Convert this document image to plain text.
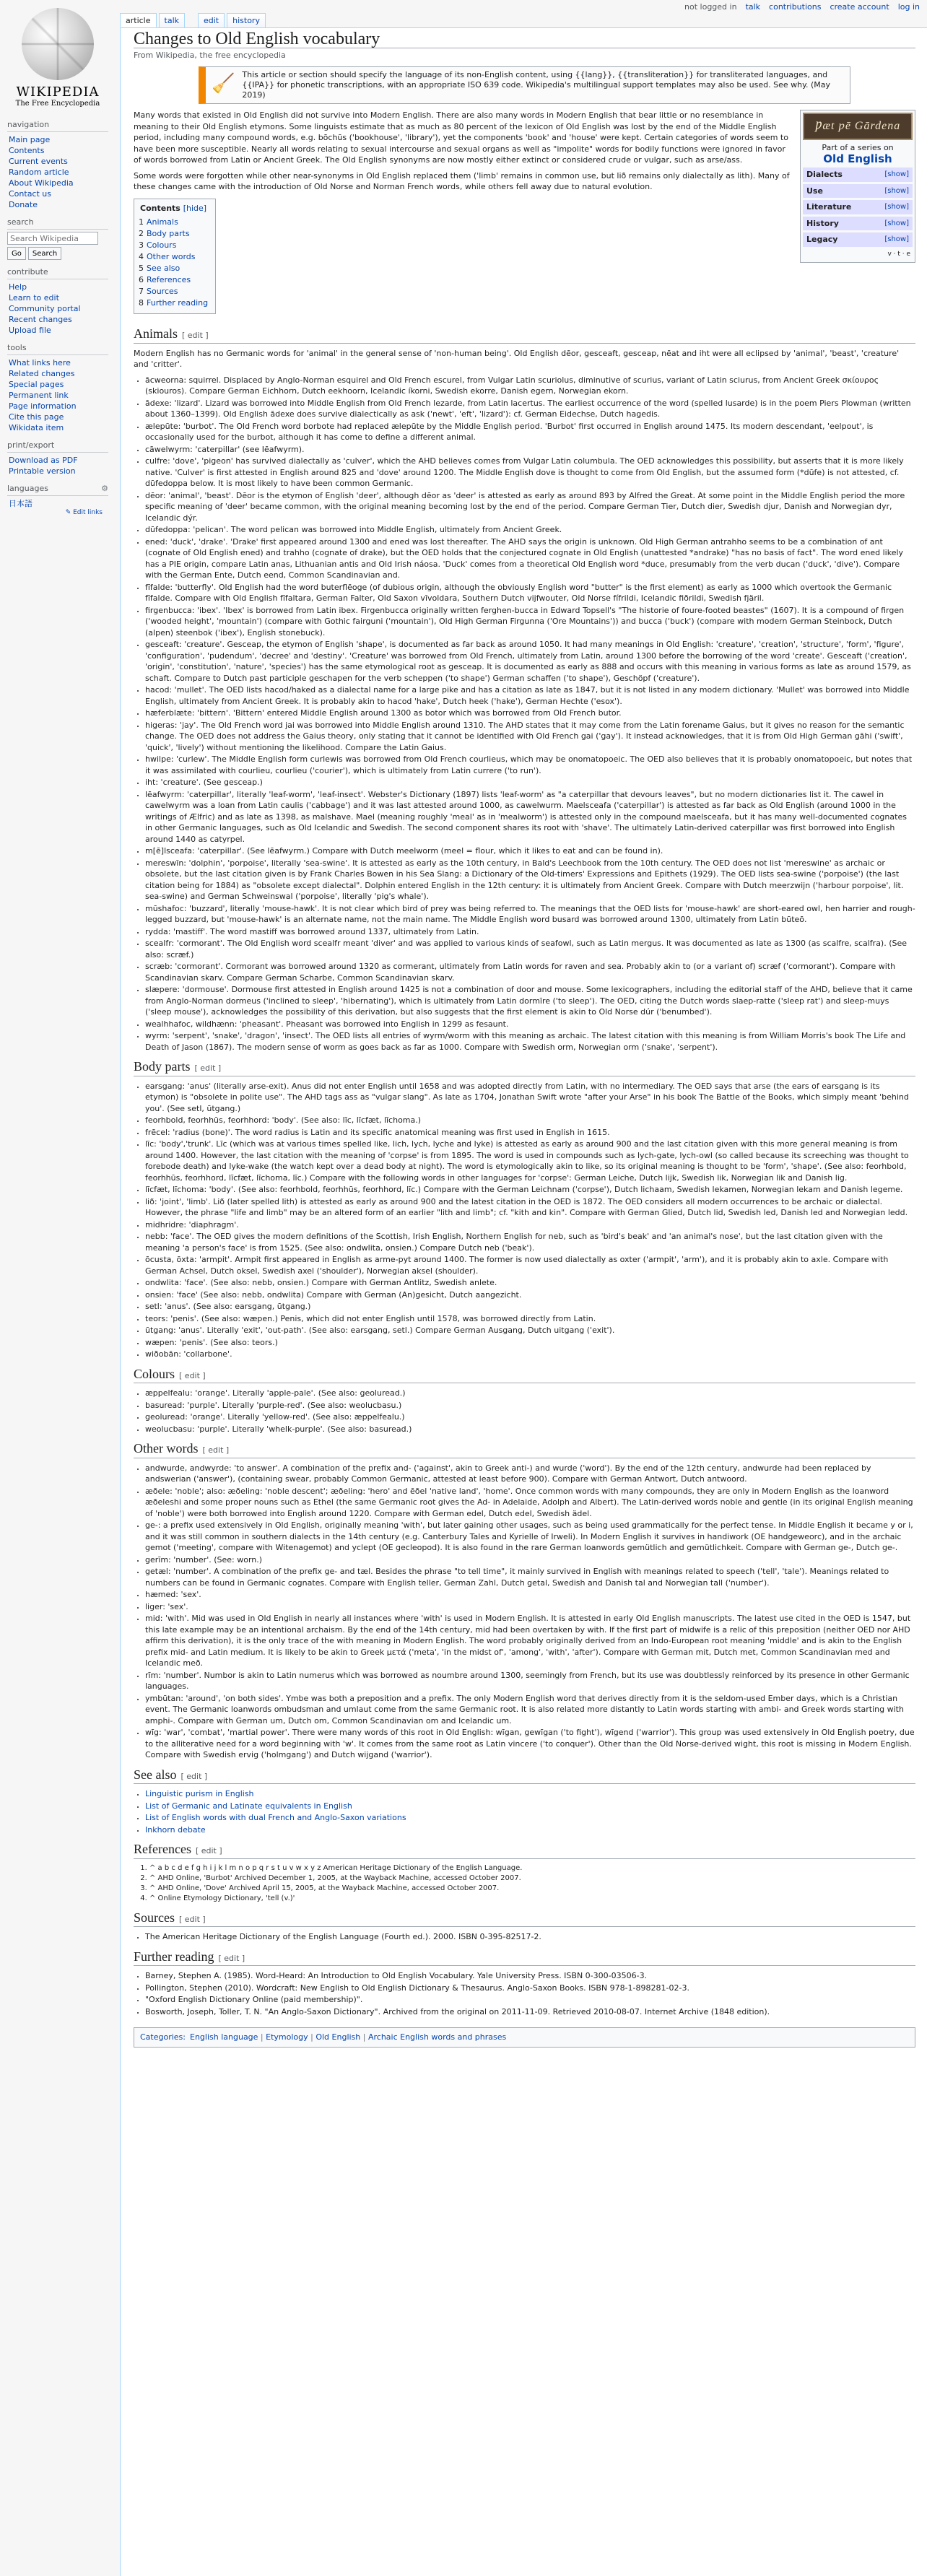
not logged in talk contributions create account log in
WIKIPEDIA
The Free Encyclopedia
navigation
Main page
Contents
Current events
Random article
About Wikipedia
Contact us
Donate
search
Search Wikipedia
Go	Search
contribute
Help
Learn to edit
Community portal
Recent changes
Upload file
tools
What links here
Related changes
Special pages
Permanent link
Page information
Cite this page
Wikidata item
print/export
Download as PDF
Printable version
languages	⚙
日本語
✎ Edit links
article	talk	edit	history
Changes to Old English vocabulary
From Wikipedia, the free encyclopedia
🧹 This article or section should specify the language of its non-English content, using {{lang}}, {{transliteration}} for transliterated languages, and {{IPA}} for phonetic transcriptions, with an appropriate ISO 639 code. Wikipedia's multilingual support templates may also be used. See why. (May 2019)
Ƿæt ƿē Gārdena
Part of a series on
Old English
Dialects	[show]
Use	[show]
Literature	[show]
History	[show]
Legacy	[show]
v · t · e

Many words that existed in Old English did not survive into Modern English. There are also many words in Modern English that bear little or no resemblance in meaning to their Old English etymons. Some linguists estimate that as much as 80 percent of the lexicon of Old English was lost by the end of the Middle English period, including many compound words, e.g. bōchūs ('bookhouse', 'library'), yet the components 'book' and 'house' were kept. Certain categories of words seem to have been more susceptible. Nearly all words relating to sexual intercourse and sexual organs as well as "impolite" words for bodily functions were ignored in favor of words borrowed from Latin or Ancient Greek. The Old English synonyms are now mostly either extinct or considered crude or vulgar, such as arse/ass.

Some words were forgotten while other near-synonyms in Old English replaced them ('limb' remains in common use, but lið remains only dialectally as lith). Many of these changes came with the introduction of Old Norse and Norman French words, while others fell away due to natural evolution.

Contents [hide]
1 Animals
2 Body parts
3 Colours
4 Other words
5 See also
6 References
7 Sources
8 Further reading
Animals [ edit ]

Modern English has no Germanic words for 'animal' in the general sense of 'non-human being'. Old English dēor, gesceaft, gesceap, nēat and iht were all eclipsed by 'animal', 'beast', 'creature' and 'critter'.

• ācweorna: squirrel. Displaced by Anglo-Norman esquirel and Old French escurel, from Vulgar Latin scuriolus, diminutive of scurius, variant of Latin sciurus, from Ancient Greek σκίουρος (skiouros). Compare German Eichhorn, Dutch eekhoorn, Icelandic íkorni, Swedish ekorre, Danish egern, Norwegian ekorn.
• ādexe: 'lizard'. Lizard was borrowed into Middle English from Old French lezarde, from Latin lacertus. The earliest occurrence of the word (spelled lusarde) is in the poem Piers Plowman (written about 1360–1399). Old English ādexe does survive dialectically as ask ('newt', 'eft', 'lizard'): cf. German Eidechse, Dutch hagedis.
• ælepūte: 'burbot'. The Old French word borbote had replaced ælepūte by the Middle English period. 'Burbot' first occurred in English around 1475. Its modern descendant, 'eelpout', is occasionally used for the burbot, although it has come to define a different animal.
• cāwelwyrm: 'caterpillar' (see Iēafwyrm).
• culfre: 'dove', 'pigeon' has survived dialectally as 'culver', which the AHD believes comes from Vulgar Latin columbula. The OED acknowledges this possibility, but asserts that it is more likely native. 'Culver' is first attested in English around 825 and 'dove' around 1200. The Middle English dove is thought to come from Old English, but the assumed form (*dūfe) is not attested, cf. dūfedoppa below. It is most likely to have been common Germanic.
• dēor: 'animal', 'beast'. Dēor is the etymon of English 'deer', although dēor as 'deer' is attested as early as around 893 by Alfred the Great. At some point in the Middle English period the more specific meaning of 'deer' became common, with the original meaning becoming lost by the end of the period. Compare German Tier, Dutch dier, Swedish djur, Danish and Norwegian dyr, Icelandic dýr.
• dūfedoppa: 'pelican'. The word pelican was borrowed into Middle English, ultimately from Ancient Greek.
• ened: 'duck', 'drake'. 'Drake' first appeared around 1300 and ened was lost thereafter. The AHD says the origin is unknown. Old High German antrahho seems to be a combination of ant (cognate of Old English ened) and trahho (cognate of drake), but the OED holds that the conjectured cognate in Old English (unattested *andrake) "has no basis of fact". The word ened likely has a PIE origin, compare Latin anas, Lithuanian antis and Old Irish náosa. 'Duck' comes from a theoretical Old English word *duce, presumably from the verb ducan ('duck', 'dive'). Compare with the German Ente, Dutch eend, Common Scandinavian and.
• fīfalde: 'butterfly'. Old English had the word buterflēoge (of dubious origin, although the obviously English word "butter" is the first element) as early as 1000 which overtook the Germanic fīfalde. Compare with Old English fīfaltara, German Falter, Old Saxon vīvoldara, Southern Dutch vijfwouter, Old Norse fífrildi, Icelandic fiðrildi, Swedish fjäril.
• firgenbucca: 'ibex'. 'Ibex' is borrowed from Latin ibex. Firgenbucca originally written ferghen-bucca in Edward Topsell's "The historie of foure-footed beastes" (1607). It is a compound of firgen ('wooded height', 'mountain') (compare with Gothic fairguni ('mountain'), Old High German Firgunna ('Ore Mountains')) and bucca ('buck') (compare with modern German Steinbock, Dutch (alpen) steenbok ('ibex'), English stonebuck).
• gesceaft: 'creature'. Gesceap, the etymon of English 'shape', is documented as far back as around 1050. It had many meanings in Old English: 'creature', 'creation', 'structure', 'form', 'figure', 'configuration', 'pudendum', 'decree' and 'destiny'. 'Creature' was borrowed from Old French, ultimately from Latin, around 1300 before the borrowing of the word 'create'. Gesceaft ('creation', 'origin', 'constitution', 'nature', 'species') has the same etymological root as gesceap. It is documented as early as 888 and occurs with this meaning in various forms as late as around 1579, as schaft. Compare to Dutch past participle geschapen for the verb scheppen ('to shape') German schaffen ('to shape'), Geschöpf ('creature').
• hacod: 'mullet'. The OED lists hacod/haked as a dialectal name for a large pike and has a citation as late as 1847, but it is not listed in any modern dictionary. 'Mullet' was borrowed into Middle English, ultimately from Ancient Greek. It is probably akin to hacod 'hake', Dutch heek ('hake'), German Hechte ('esox').
• hæferblæte: 'bittern'. 'Bittern' entered Middle English around 1300 as botor which was borrowed from Old French butor.
• higeras: 'jay'. The Old French word jai was borrowed into Middle English around 1310. The AHD states that it may come from the Latin forename Gaius, but it gives no reason for the semantic change. The OED does not address the Gaius theory, only stating that it cannot be identified with Old French gai ('gay'). It instead acknowledges, that it is from Old High German gāhi ('swift', 'quick', 'lively') without mentioning the likelihood. Compare the Latin Gaius.
• hwilpe: 'curlew'. The Middle English form curlewis was borrowed from Old French courlieus, which may be onomatopoeic. The OED also believes that it is probably onomatopoeic, but notes that it was assimilated with courlieu, courlieu ('courier'), which is ultimately from Latin currere ('to run').
• iht: 'creature'. (See gesceap.)
• lēafwyrm: 'caterpillar', literally 'leaf-worm', 'leaf-insect'. Webster's Dictionary (1897) lists 'leaf-worm' as "a caterpillar that devours leaves", but no modern dictionaries list it. The cawel in cawelwyrm was a loan from Latin caulis ('cabbage') and it was last attested around 1000, as cawelwurm. Maelsceafa ('caterpillar') is attested as far back as Old English (around 1000 in the writings of Ælfric) and as late as 1398, as malshave. Mael (meaning roughly 'meal' as in 'mealworm') is attested only in the compound maelsceafa, but it has many well-documented cognates in other Germanic languages, such as Old Icelandic and Swedish. The second component shares its root with 'shave'. The ultimately Latin-derived caterpillar was first borrowed into English around 1440 as catyrpel.
• m[ē]lsceafa: 'caterpillar'. (See lēafwyrm.) Compare with Dutch meelworm (meel = flour, which it likes to eat and can be found in).
• mereswīn: 'dolphin', 'porpoise', literally 'sea-swine'. It is attested as early as the 10th century, in Bald's Leechbook from the 10th century. The OED does not list 'mereswine' as archaic or obsolete, but the last citation given is by Frank Charles Bowen in his Sea Slang: a Dictionary of the Old-timers' Expressions and Epithets (1929). The OED lists sea-swine ('porpoise') (the last citation being for 1884) as "obsolete except dialectal". Dolphin entered English in the 12th century: it is ultimately from Ancient Greek. Compare with Dutch meerzwijn ('harbour porpoise', lit. sea-swine) and German Schweinswal ('porpoise', literally 'pig's whale').
• mūshafoc: 'buzzard', literally 'mouse-hawk'. It is not clear which bird of prey was being referred to. The meanings that the OED lists for 'mouse-hawk' are short-eared owl, hen harrier and rough-legged buzzard, but 'mouse-hawk' is an alternate name, not the main name. The Middle English word busard was borrowed around 1300, ultimately from Latin būteō.
• rydda: 'mastiff'. The word mastiff was borrowed around 1337, ultimately from Latin.
• scealfr: 'cormorant'. The Old English word scealfr meant 'diver' and was applied to various kinds of seafowl, such as Latin mergus. It was documented as late as 1300 (as scalfre, scalfra). (See also: scræf.)
• scræb: 'cormorant'. Cormorant was borrowed around 1320 as cormerant, ultimately from Latin words for raven and sea. Probably akin to (or a variant of) scræf ('cormorant'). Compare with Scandinavian skarv. Compare German Scharbe, Common Scandinavian skarv.
• slæpere: 'dormouse'. Dormouse first attested in English around 1425 is not a combination of door and mouse. Some lexicographers, including the editorial staff of the AHD, believe that it came from Anglo-Norman dormeus ('inclined to sleep', 'hibernating'), which is ultimately from Latin dormīre ('to sleep'). The OED, citing the Dutch words slaep-ratte ('sleep rat') and sleep-muys ('sleep mouse'), acknowledges the possibility of this derivation, but also suggests that the first element is akin to Old Norse dúr ('benumbed').
• wealhhafoc, wildhænn: 'pheasant'. Pheasant was borrowed into English in 1299 as fesaunt.
• wyrm: 'serpent', 'snake', 'dragon', 'insect'. The OED lists all entries of wyrm/worm with this meaning as archaic. The latest citation with this meaning is from William Morris's book The Life and Death of Jason (1867). The modern sense of worm as goes back as far as 1000. Compare with Swedish orm, Norwegian orm ('snake', 'serpent').
Body parts [ edit ]
• earsgang: 'anus' (literally arse-exit). Anus did not enter English until 1658 and was adopted directly from Latin, with no intermediary. The OED says that arse (the ears of earsgang is its etymon) is "obsolete in polite use". The AHD tags ass as "vulgar slang". As late as 1704, Jonathan Swift wrote "after your Arse" in his book The Battle of the Books, which simply meant 'behind you'. (See setl, ūtgang.)
• feorhbold, feorhhūs, feorhhord: 'body'. (See also: līc, līcfæt, līchoma.)
• frēcel: 'radius (bone)'. The word radius is Latin and its specific anatomical meaning was first used in English in 1615.
• līc: 'body','trunk'. Līc (which was at various times spelled like, lich, lych, lyche and lyke) is attested as early as around 900 and the last citation given with this more general meaning is from around 1400. However, the last citation with the meaning of 'corpse' is from 1895. The word is used in compounds such as lych-gate, lych-owl (so called because its screeching was thought to forebode death) and lyke-wake (the watch kept over a dead body at night). The word is etymologically akin to like, so its original meaning is thought to be 'form', 'shape'. (See also: feorhbold, feorhhūs, feorhhord, līcfæt, līchoma, līc.) Compare with the following words in other languages for 'corpse': German Leiche, Dutch lijk, Swedish lik, Norwegian lik and Danish lig.
• līcfæt, līchoma: 'body'. (See also: feorhbold, feorhhūs, feorhhord, līc.) Compare with the German Leichnam ('corpse'), Dutch lichaam, Swedish lekamen, Norwegian lekam and Danish legeme.
• lið: 'joint', 'limb'. Lið (later spelled lith) is attested as early as around 900 and the latest citation in the OED is 1872. The OED considers all modern occurrences to be archaic or dialectal. However, the phrase "life and limb" may be an altered form of an earlier "lith and limb"; cf. "kith and kin". Compare with German Glied, Dutch lid, Swedish led, Danish led and Norwegian ledd.
• midhridre: 'diaphragm'.
• nebb: 'face'. The OED gives the modern definitions of the Scottish, Irish English, Northern English for neb, such as 'bird's beak' and 'an animal's nose', but the last citation given with the meaning 'a person's face' is from 1525. (See also: ondwlita, onsien.) Compare Dutch neb ('beak').
• ōcusta, ōxta: 'armpit'. Armpit first appeared in English as arme-pyt around 1400. The former is now used dialectally as oxter ('armpit', 'arm'), and it is probably akin to axle. Compare with German Achsel, Dutch oksel, Swedish axel ('shoulder'), Norwegian aksel (shoulder).
• ondwlita: 'face'. (See also: nebb, onsien.) Compare with German Antlitz, Swedish anlete.
• onsien: 'face' (See also: nebb, ondwlita) Compare with German (An)gesicht, Dutch aangezicht.
• setl: 'anus'. (See also: earsgang, ūtgang.)
• teors: 'penis'. (See also: wæpen.) Penis, which did not enter English until 1578, was borrowed directly from Latin.
• ūtgang: 'anus'. Literally 'exit', 'out-path'. (See also: earsgang, setl.) Compare German Ausgang, Dutch uitgang ('exit').
• wæpen: 'penis'. (See also: teors.)
• wiðobān: 'collarbone'.
Colours [ edit ]
• æppelfealu: 'orange'. Literally 'apple-pale'. (See also: geoluread.)
• basuread: 'purple'. Literally 'purple-red'. (See also: weolucbasu.)
• geoluread: 'orange'. Literally 'yellow-red'. (See also: æppelfealu.)
• weolucbasu: 'purple'. Literally 'whelk-purple'. (See also: basuread.)
Other words [ edit ]
• andwurde, andwyrde: 'to answer'. A combination of the prefix and- ('against', akin to Greek anti-) and wurde ('word'). By the end of the 12th century, andwurde had been replaced by andswerian ('answer'), (containing swear, probably Common Germanic, attested at least before 900). Compare with German Antwort, Dutch antwoord.
• æðele: 'noble'; also: æðeling: 'noble descent'; æðeling: 'hero' and ēðel 'native land', 'home'. Once common words with many compounds, they are only in Modern English as the loanword æðeleshi and some proper nouns such as Ethel (the same Germanic root gives the Ad- in Adelaide, Adolph and Albert). The Latin-derived words noble and gentle (in its original English meaning of 'noble') were both borrowed into English around 1220. Compare with German edel, Dutch edel, Swedish ädel.
• ge-: a prefix used extensively in Old English, originally meaning 'with', but later gaining other usages, such as being used grammatically for the perfect tense. In Middle English it became y or i, and it was still common in southern dialects in the 14th century (e.g. Canterbury Tales and Kyrielle of Irweli). In Modern English it survives in handiwork (OE handgeweorc), and in the archaic gemot ('meeting', compare with Witenagemot) and yclept (OE gecleopod). It is also found in the rare German loanwords gemütlich and gemütlichkeit. Compare with German ge-, Dutch ge-.
• gerīm: 'number'. (See: worn.)
• getæl: 'number'. A combination of the prefix ge- and tæl. Besides the phrase "to tell time", it mainly survived in English with meanings related to speech ('tell', 'tale'). Meanings related to numbers can be found in Germanic cognates. Compare with English teller, German Zahl, Dutch getal, Swedish and Danish tal and Norwegian tall ('number').
• hæmed: 'sex'.
• liger: 'sex'.
• mid: 'with'. Mid was used in Old English in nearly all instances where 'with' is used in Modern English. It is attested in early Old English manuscripts. The latest use cited in the OED is 1547, but this late example may be an intentional archaism. By the end of the 14th century, mid had been overtaken by with. If the first part of midwife is a relic of this preposition (neither OED nor AHD affirm this derivation), it is the only trace of the with meaning in Modern English. The word probably originally derived from an Indo-European root meaning 'middle' and is akin to the English prefix mid- and Latin medium. It is likely to be akin to Greek μετά ('meta', 'in the midst of', 'among', 'with', 'after'). Compare with German mit, Dutch met, Common Scandinavian med and Icelandic með.
• rīm: 'number'. Numbor is akin to Latin numerus which was borrowed as noumbre around 1300, seemingly from French, but its use was doubtlessly reinforced by its presence in other Germanic languages.
• ymbūtan: 'around', 'on both sides'. Ymbe was both a preposition and a prefix. The only Modern English word that derives directly from it is the seldom-used Ember days, which is a Christian event. The Germanic loanwords ombudsman and umlaut come from the same Germanic root. It is also related more distantly to Latin words starting with ambi- and Greek words starting with amphi-. Compare with German um, Dutch om, Common Scandinavian om and Icelandic um.
• wīg: 'war', 'combat', 'martial power'. There were many words of this root in Old English: wīgan, gewīgan ('to fight'), wīgend ('warrior'). This group was used extensively in Old English poetry, due to the alliterative need for a word beginning with 'w'. It comes from the same root as Latin vincere ('to conquer'). Other than the Old Norse-derived wight, this root is missing in Modern English. Compare with Swedish ervig ('holmgang') and Dutch wijgand ('warrior').
See also [ edit ]
• Linguistic purism in English
• List of Germanic and Latinate equivalents in English
• List of English words with dual French and Anglo-Saxon variations
• Inkhorn debate
References [ edit ]
1. ^ a b c d e f g h i j k l m n o p q r s t u v w x y z American Heritage Dictionary of the English Language.
2. ^ AHD Online, 'Burbot' Archived December 1, 2005, at the Wayback Machine, accessed October 2007.
3. ^ AHD Online, 'Dove' Archived April 15, 2005, at the Wayback Machine, accessed October 2007.
4. ^ Online Etymology Dictionary, 'tell (v.)'
Sources [ edit ]
• The American Heritage Dictionary of the English Language (Fourth ed.). 2000. ISBN 0-395-82517-2.
Further reading [ edit ]
• Barney, Stephen A. (1985). Word-Heard: An Introduction to Old English Vocabulary. Yale University Press. ISBN 0-300-03506-3.
• Pollington, Stephen (2010). Wordcraft: New English to Old English Dictionary & Thesaurus. Anglo-Saxon Books. ISBN 978-1-898281-02-3.
• "Oxford English Dictionary Online (paid membership)".
• Bosworth, Joseph, Toller, T. N. "An Anglo-Saxon Dictionary". Archived from the original on 2011-11-09. Retrieved 2010-08-07. Internet Archive (1848 edition).
Categories: English language | Etymology | Old English | Archaic English words and phrases
